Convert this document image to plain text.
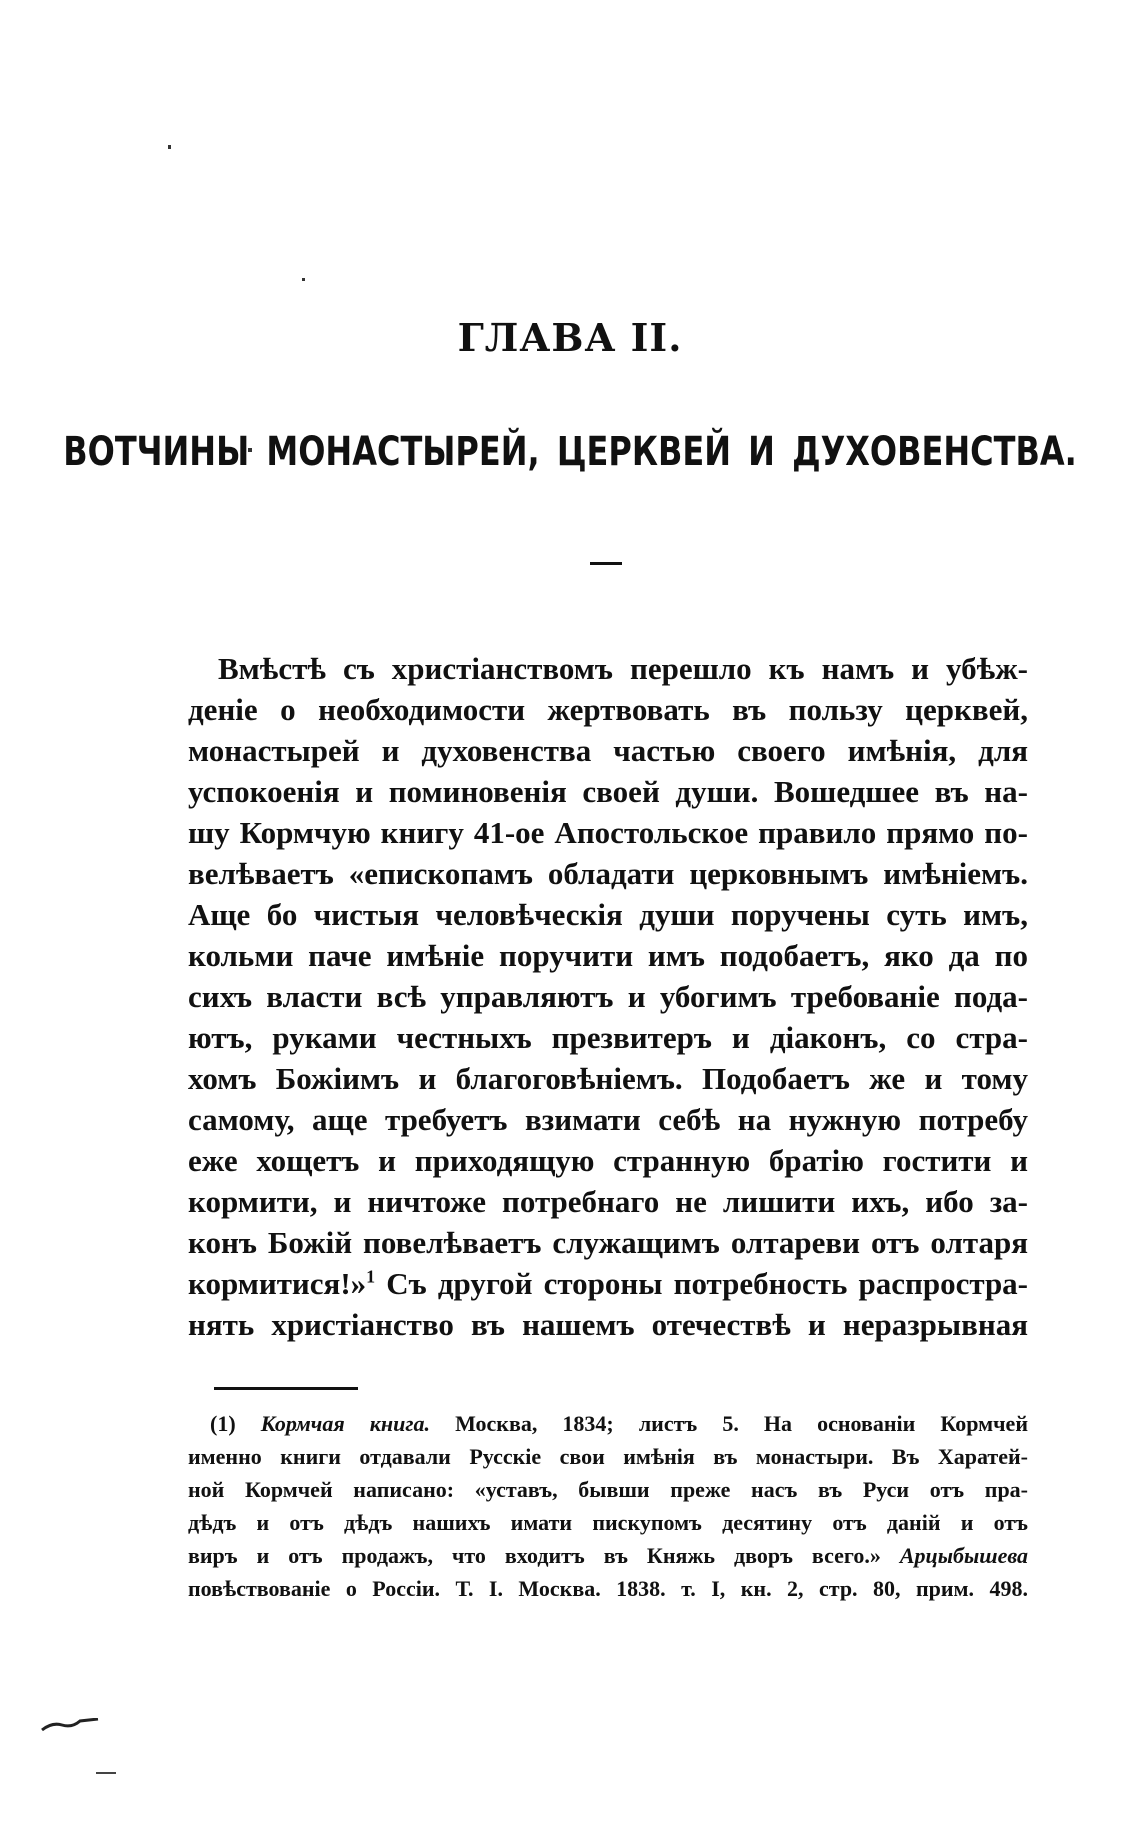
ГЛАВА II.
ВОТЧИНЫ МОНАСТЫРЕЙ, ЦЕРКВЕЙ И ДУХОВЕНСТВА.
Вмѣстѣ съ христіанствомъ перешло къ намъ и убѣж-
деніе о необходимости жертвовать въ пользу церквей,
монастырей и духовенства частью своего имѣнія, для
успокоенія и поминовенія своей души. Вошедшее въ на-
шу Кормчую книгу 41-ое Апостольское правило прямо по-
велѣваетъ «епископамъ обладати церковнымъ имѣніемъ.
Аще бо чистыя человѣческія души поручены суть имъ,
кольми паче имѣніе поручити имъ подобаетъ, яко да по
сихъ власти всѣ управляютъ и убогимъ требованіе пода-
ютъ, руками честныхъ презвитеръ и діаконъ, со стра-
хомъ Божіимъ и благоговѣніемъ. Подобаетъ же и тому
самому, аще требуетъ взимати себѣ на нужную потребу
еже хощетъ и приходящую странную братію гостити и
кормити, и ничтоже потребнаго не лишити ихъ, ибо за-
конъ Божій повелѣваетъ служащимъ олтареви отъ олтаря
кормитися!»$^1$ Съ другой стороны потребность распростра-
нять христіанство въ нашемъ отечествѣ и неразрывная
(1) Кормчая книга. Москва, 1834; листъ 5. На основаніи Кормчей
именно книги отдавали Русскіе свои имѣнія въ монастыри. Въ Харатей-
ной Кормчей написано: «уставъ, бывши преже насъ въ Руси отъ пра-
дѣдъ и отъ дѣдъ нашихъ имати пискупомъ десятину отъ даній и отъ
виръ и отъ продажъ, что входитъ въ Княжь дворъ всего.» Арцыбышева
повѣствованіе о Россіи. Т. I. Москва. 1838. т. I, кн. 2, стр. 80, прим. 498.
